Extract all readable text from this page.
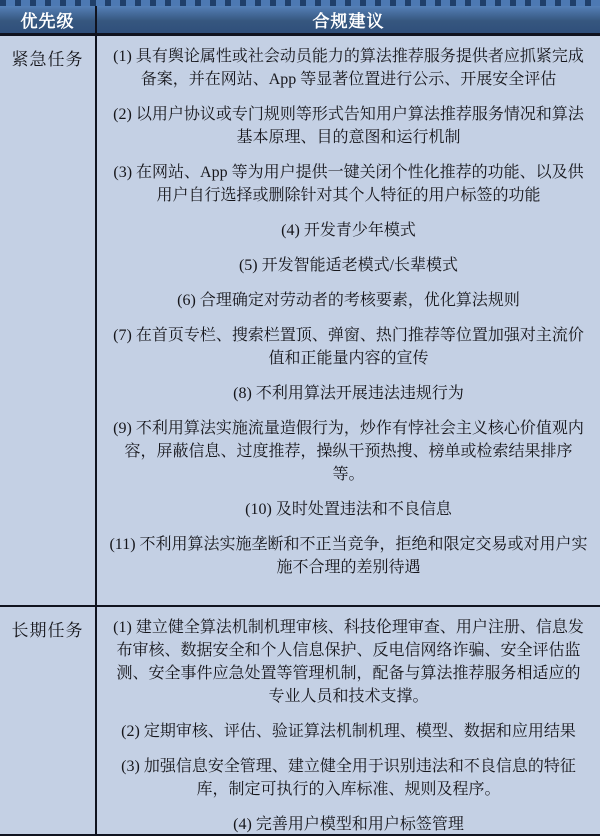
优先级	合规建议
紧急任务	(1) 具有舆论属性或社会动员能力的算法推荐服务提供者应抓紧完成备案，并在网站、App 等显著位置进行公示、开展安全评估

(2) 以用户协议或专门规则等形式告知用户算法推荐服务情况和算法基本原理、目的意图和运行机制

(3) 在网站、App 等为用户提供一键关闭个性化推荐的功能、以及供用户自行选择或删除针对其个人特征的用户标签的功能

(4) 开发青少年模式

(5) 开发智能适老模式/长辈模式

(6) 合理确定对劳动者的考核要素，优化算法规则

(7) 在首页专栏、搜索栏置顶、弹窗、热门推荐等位置加强对主流价值和正能量内容的宣传

(8) 不利用算法开展违法违规行为

(9) 不利用算法实施流量造假行为，炒作有悖社会主义核心价值观内容，屏蔽信息、过度推荐，操纵干预热搜、榜单或检索结果排序等。

(10) 及时处置违法和不良信息

(11) 不利用算法实施垄断和不正当竞争，拒绝和限定交易或对用户实施不合理的差别待遇

长期任务	(1) 建立健全算法机制机理审核、科技伦理审查、用户注册、信息发布审核、数据安全和个人信息保护、反电信网络诈骗、安全评估监测、安全事件应急处置等管理机制，配备与算法推荐服务相适应的专业人员和技术支撑。

(2) 定期审核、评估、验证算法机制机理、模型、数据和应用结果

(3) 加强信息安全管理、建立健全用于识别违法和不良信息的特征库，制定可执行的入库标准、规则及程序。

(4) 完善用户模型和用户标签管理
